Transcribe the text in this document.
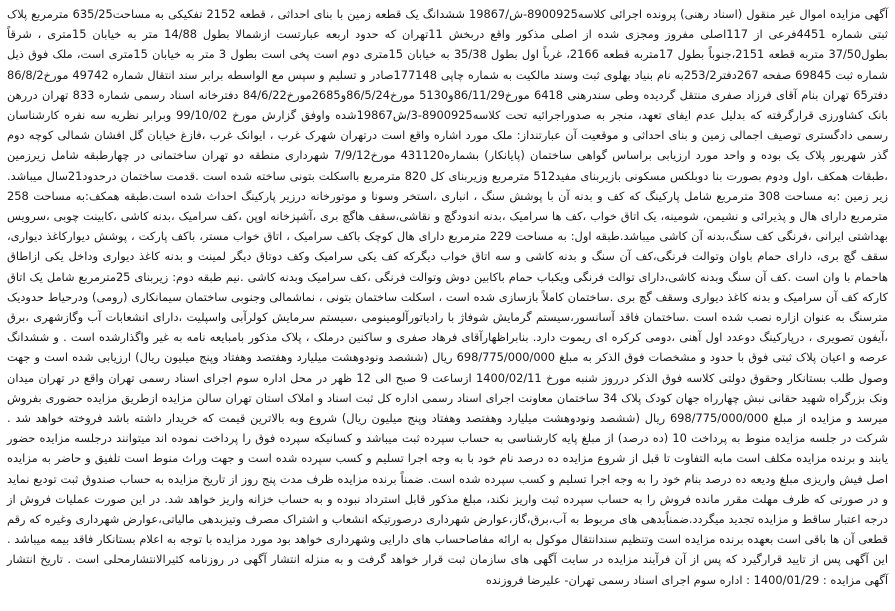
آگهی مزایده اموال غیر منقول (اسناد رهنی) پرونده اجرائی کلاسه8900925-ش/19867 ششدانگ یک قطعه زمین با بنای احداثی ، قطعه 2152 تفکیکی به مساحت635/25 مترمربع پلاک ثبتی شماره 4451فرعی از 117اصلی مفروز ومجزی شده از اصلی مذکور واقع دربخش 11تهران که حدود اربعه عبارتست ازشمالا بطول 14/88 متر به خیابان 15متری ، شرقاً بطول37/50 متربه قطعه 2151،جنوباً بطول 17متربه قطعه 2166، غرباً اول بطول 35/38 به خیابان 15متری دوم است پخی است بطول 3 متر به خیابان 15متری است، ملک فوق ذیل شماره ثبت 69845 صفحه 267دفتر253/2به نام بنیاد بهلوی ثبت وسند مالکیت به شماره چاپی 177148صادر و تسلیم و سپس مع الواسطه برابر سند انتقال شماره 49742 مورخ86/8/2 دفتر65 تهران بنام آقای فرزاد صفری منتقل گردیده وطی سندرهنی 6418 مورخ86/11/29و5130 مورخ86/5/24و2685مورخ84/6/22 دفترخانه اسناد رسمی شماره 833 تهران دررهن بانک کشاورزی قرارگرفته که بدلیل عدم ایفای تعهد، منجر به صدوراجرائیه تحت کلاسه8900925-3/ش19867شده واوفق گزارش مورخ 99/10/02 وبرابر نظریه سه نفره کارشناسان رسمی دادگستری توصیف اجمالی زمین و بنای احداثی و موقعیت آن عبارتنداز: ملک مورد اشاره واقع است درتهران شهرک غرب ، ایوانک غرب ،فازغ خیابان گل افشان شمالی کوچه دوم گذر شهریور پلاک یک بوده و واحد مورد ارزیابی براساس گواهی ساختمان (پایانکار) بشماره431120 مورخ7/9/12 شهرداری منطقه دو تهران ساختمانی در چهارطبقه شامل زیرزمین ،طبقات همکف ،اول ودوم بصورت بنا دوبلکس مسکونی بازیربنای مفید512 مترمربع وزیربنای کل 820 مترمربع بااسکلت بتونی ساخته شده است .قدمت ساختمان درحدود21سال میباشد. زیر زمین :به مساحت 308 مترمربع شامل پارکینگ که کف و بدنه آن با پوشش سنگ ، انباری ،استخر وسونا و موتورخانه درزیر پارکینگ احداث شده است.طبقه همکف:به مساحت 258 مترمربع دارای هال و پذیرائی و نشیمن، شومینه، یک اتاق خواب ،کف ها سرامیک ،بدنه اندودگچ و نقاشی،سقف هاگچ بری ،آشپزخانه اوپن ،کف سرامیک ،بدنه کاشی ،کابینت چوبی ،سرویس بهداشتی ایرانی ،فرنگی کف سنگ،بدنه آن کاشی میباشد.طبقه اول: به مساحت 229 مترمربع دارای هال کوچک باکف سرامیک ، اتاق خواب مستر، باکف پارکت ، پوشش دیوارکاغذ دیواری، سقف گچ بری، دارای حمام باوان وتوالت فرنگی،کف آن سنگ و بدنه کاشی و سه اتاق خواب دیگرکه کف یکی سرامیک وکف دوتاق دیگر لمینت و بدنه کاغذ دیواری وداخل یکی ازاطاق هاحمام با وان است .کف آن سنگ وبدنه کاشی،دارای توالت فرنگی ویکباب حمام باکابین دوش وتوالت فرنگی ،کف سرامیک وبدنه کاشی .نیم طبقه دوم: زیربنای 25مترمربع شامل یک اتاق کارکه کف آن سرامیک و بدنه کاغذ دیواری وسقف گچ بری .ساختمان کاملاً بازسازی شده است ، اسکلت ساختمان بتونی ، نماشمالی وجنوبی ساختمان سیمانکاری (رومی) ودرحیاط حدودیک مترسنگ به عنوان ازاره نصب شده است .ساختمان فاقد آسانسور،سیستم گرمایش شوفاژ با رادیاتورآلومینومی ،سیستم سرمایش کولرآبی واسپلیت ،دارای انشعابات آب وگازشهری ،برق ،آیفون تصویری ، درپارکینگ دوعدد اول آهنی ،دومی کرکره ای ریموت دارد. بنابراظهارآقای فرهاد صفری و ساکنین درملک ، پلاک مذکور بامبایعه نامه به غیر واگذارشده است . و ششدانگ عرصه و اعیان پلاک ثبتی فوق با حدود و مشخصات فوق الذکر به مبلغ 698/775/000/000 ریال (ششصد ونودوهشت میلیارد وهفتصد وهفتاد وپنج میلیون ریال) ارزیابی شده است و جهت وصول طلب بستانکار وحقوق دولتی کلاسه فوق الذکر درروز شنبه مورخ 1400/02/11 ازساعت 9 صبح الی 12 ظهر در محل اداره سوم اجرای اسناد رسمی تهران واقع در تهران میدان ونک بزرگراه شهید حقانی نبش چهارراه جهان کودک پلاک 34 ساختمان معاونت اجرای اسناد رسمی اداره کل ثبت اسناد و املاک استان تهران سالن مزایده ازطریق مزایده حضوری بفروش میرسد و مزایده از مبلغ 698/775/000/000 ریال (ششصد ونودوهشت میلیارد وهفتصد وهفتاد وپنج میلیون ریال) شروع وبه بالاترین قیمت که خریدار داشته باشد فروخته خواهد شد . شرکت در جلسه مزایده منوط به پرداخت 10 (ده درصد) از مبلغ پایه کارشناسی به حساب سپرده ثبت میباشد و کسانیکه سپرده فوق را پرداخت نموده اند میتوانند درجلسه مزایده حضور یابند و برنده مزایده مکلف است مابه التفاوت تا قبل از شروع مزایده ده درصد نام خود با به وجه اجرا تسلیم و کسب سپرده شده است و جهت وراث منوط است تلفیق و حاضر به مزایده اصل فیش واریزی مبلغ ودیعه ده درصد بنام خود را به وجه اجرا تسلیم و کسب سپرده شده است. ضمناً برنده مزایده ظرف مدت پنج روز از تاریخ مزایده به حساب صندوق ثبت تودیع نماید و در صورتی که ظرف مهلت مقرر مانده فروش را به حساب سپرده ثبت واریز نکند، مبلغ مذکور قابل استرداد نبوده و به حساب خزانه واریز خواهد شد. در این صورت عملیات فروش از درجه اعتبار ساقط و مزایده تجدید میگردد.ضمناًبدهی های مربوط به آب،برق،گاز،عوارض شهرداری درصورتیکه انشعاب و اشتراک مصرف وتیزبدهی مالیاتی،عوارض شهرداری وغیره که رقم قطعی آن ها باقی است بعهده برنده مزایده است وتنظیم سندانتقال موکول به ارائه مفاصاحساب های دارایی وشهرداری خواهد بود مورد مزایده با توجه به اعلام بستانکار فاقد بیمه میباشد . این آگهی پس از تایید قرارگیرد که پس از آن فرآیند مزایده در سایت آگهی های سازمان ثبت قرار خواهد گرفت و به منزله انتشار آگهی در روزنامه کثیرالانتشارمحلی است . تاریخ انتشار آگهی مزایده : 1400/01/29 : اداره سوم اجرای اسناد رسمی تهران- علیرضا فروزنده
